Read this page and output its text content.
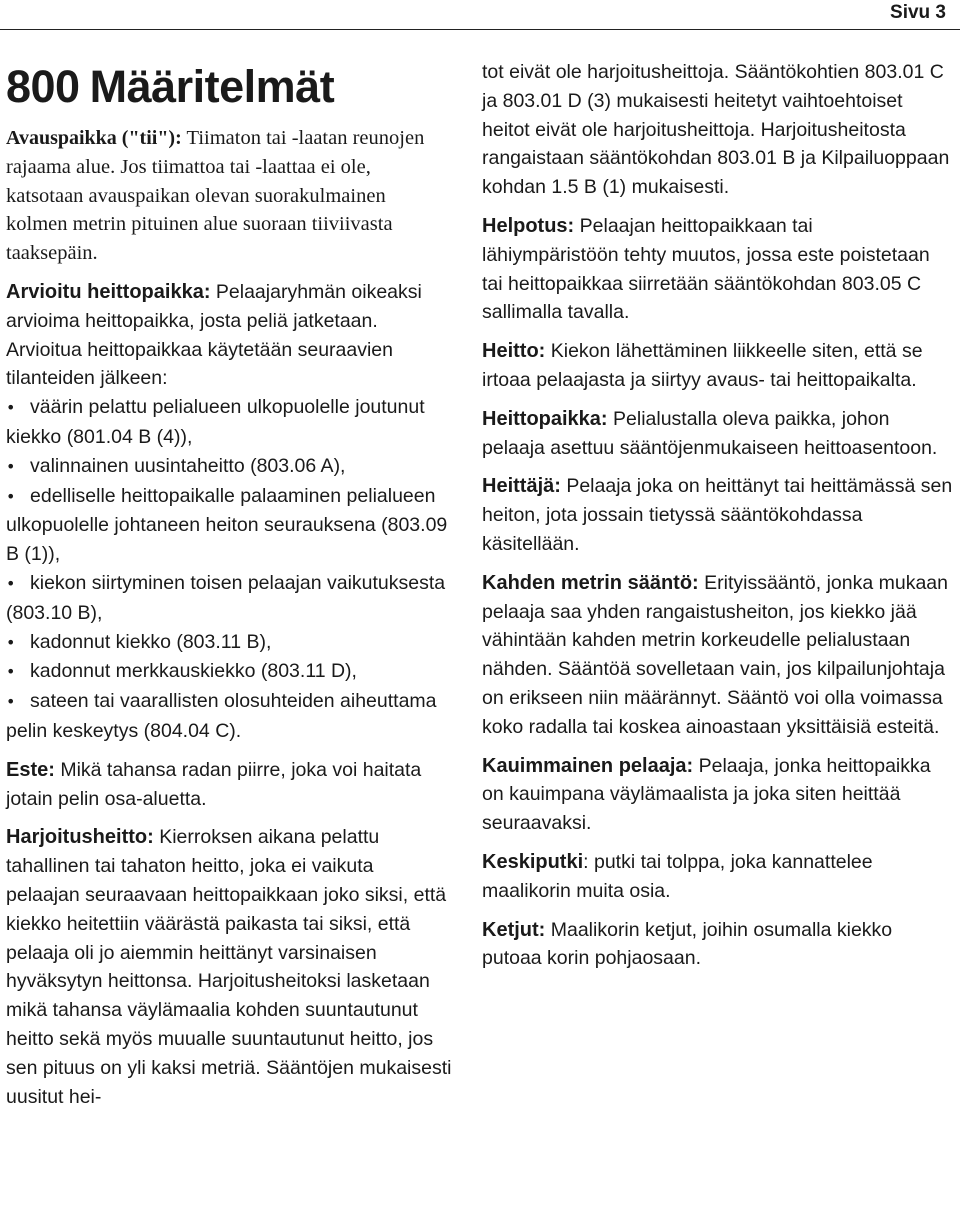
Sivu 3
800 Määritelmät
Avauspaikka ("tii"): Tiimaton tai -laatan reunojen rajaama alue. Jos tiimattoa tai -laattaa ei ole, katsotaan avauspaikan olevan suorakulmainen kolmen metrin pituinen alue suoraan tiiviivasta taaksepäin.
Arvioitu heittopaikka: Pelaajaryhmän oikeaksi arvioima heittopaikka, josta peliä jatketaan. Arvioitua heittopaikkaa käytetään seuraavien tilanteiden jälkeen:
• väärin pelattu pelialueen ulkopuolelle joutunut kiekko (801.04 B (4)),
• valinnainen uusintaheitto (803.06 A),
• edelliselle heittopaikalle palaaminen pelialueen ulkopuolelle johtaneen heiton seurauksena (803.09 B (1)),
• kiekon siirtyminen toisen pelaajan vaikutuksesta (803.10 B),
• kadonnut kiekko (803.11 B),
• kadonnut merkkauskiekko (803.11 D),
• sateen tai vaarallisten olosuhteiden aiheuttama pelin keskeytys (804.04 C).
Este: Mikä tahansa radan piirre, joka voi haitata jotain pelin osa-aluetta.
Harjoitusheitto: Kierroksen aikana pelattu tahallinen tai tahaton heitto, joka ei vaikuta pelaajan seuraavaan heittopaikkaan joko siksi, että kiekko heitettiin väärästä paikasta tai siksi, että pelaaja oli jo aiemmin heittänyt varsinaisen hyväksytyn heittonsa. Harjoitusheitoksi lasketaan mikä tahansa väylämaalia kohden suuntautunut heitto sekä myös muualle suuntautunut heitto, jos sen pituus on yli kaksi metriä. Sääntöjen mukaisesti uusitut hei-
tot eivät ole harjoitusheittoja. Sääntökohtien 803.01 C ja 803.01 D (3) mukaisesti heitetyt vaihtoehtoiset heitot eivät ole harjoitusheittoja. Harjoitusheitosta rangaistaan sääntökohdan 803.01 B ja Kilpailuoppaan kohdan 1.5 B (1) mukaisesti.
Helpotus: Pelaajan heittopaikkaan tai lähiympäristöön tehty muutos, jossa este poistetaan tai heittopaikkaa siirretään sääntökohdan 803.05 C sallimalla tavalla.
Heitto: Kiekon lähettäminen liikkeelle siten, että se irtoaa pelaajasta ja siirtyy avaus- tai heittopaikalta.
Heittopaikka: Pelialustalla oleva paikka, johon pelaaja asettuu sääntöjenmukaiseen heittoasentoon.
Heittäjä: Pelaaja joka on heittänyt tai heittämässä sen heiton, jota jossain tietyssä sääntökohdassa käsitellään.
Kahden metrin sääntö: Erityissääntö, jonka mukaan pelaaja saa yhden rangaistusheiton, jos kiekko jää vähintään kahden metrin korkeudelle pelialustaan nähden. Sääntöä sovelletaan vain, jos kilpailunjohtaja on erikseen niin määrännyt. Sääntö voi olla voimassa koko radalla tai koskea ainoastaan yksittäisiä esteitä.
Kauimmainen pelaaja: Pelaaja, jonka heittopaikka on kauimpana väylämaalista ja joka siten heittää seuraavaksi.
Keskiputki: putki tai tolppa, joka kannattelee maalikorin muita osia.
Ketjut: Maalikorin ketjut, joihin osumalla kiekko putoaa korin pohjaosaan.
